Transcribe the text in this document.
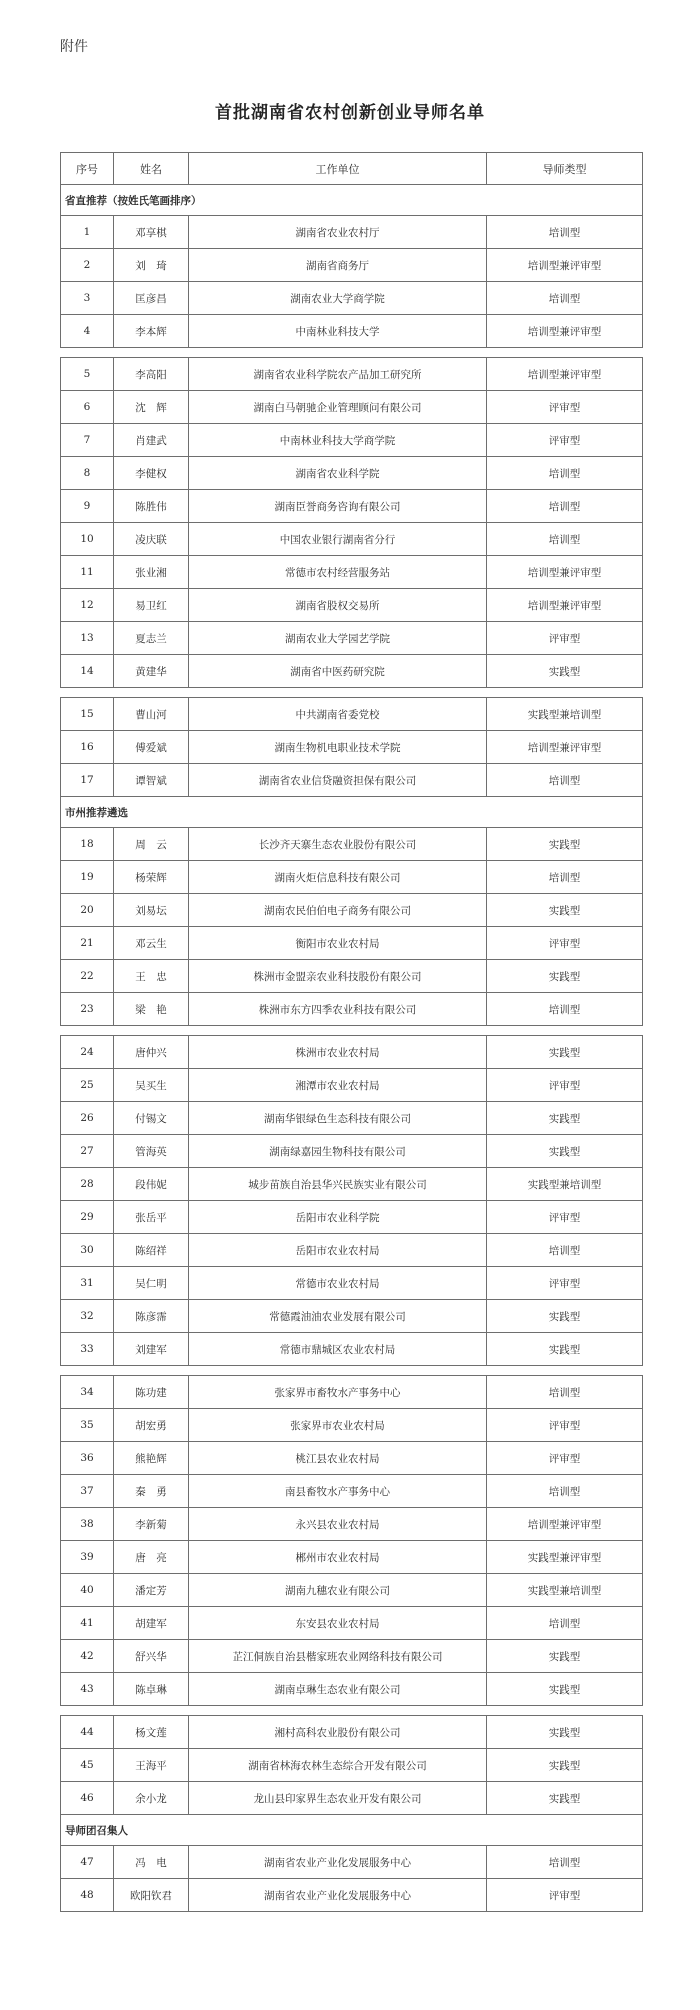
附件
首批湖南省农村创新创业导师名单
序号	姓名	工作单位	导师类型
省直推荐（按姓氏笔画排序）			
1	邓享棋	湖南省农业农村厅	培训型
2	刘　琦	湖南省商务厅	培训型兼评审型
3	匡彦昌	湖南农业大学商学院	培训型
4	李本辉	中南林业科技大学	培训型兼评审型

5	李高阳	湖南省农业科学院农产品加工研究所	培训型兼评审型
6	沈　辉	湖南白马朝驰企业管理顾问有限公司	评审型
7	肖建武	中南林业科技大学商学院	评审型
8	李健权	湖南省农业科学院	培训型
9	陈胜伟	湖南臣誉商务咨询有限公司	培训型
10	凌庆联	中国农业银行湖南省分行	培训型
11	张业湘	常德市农村经营服务站	培训型兼评审型
12	易卫红	湖南省股权交易所	培训型兼评审型
13	夏志兰	湖南农业大学园艺学院	评审型
14	黄建华	湖南省中医药研究院	实践型

15	曹山河	中共湖南省委党校	实践型兼培训型
16	傅爱斌	湖南生物机电职业技术学院	培训型兼评审型
17	谭智斌	湖南省农业信贷融资担保有限公司	培训型
市州推荐遴选			
18	周　云	长沙齐天寨生态农业股份有限公司	实践型
19	杨荣辉	湖南火炬信息科技有限公司	培训型
20	刘易坛	湖南农民伯伯电子商务有限公司	实践型
21	邓云生	衡阳市农业农村局	评审型
22	王　忠	株洲市金盟亲农业科技股份有限公司	实践型
23	梁　艳	株洲市东方四季农业科技有限公司	培训型

24	唐仲兴	株洲市农业农村局	实践型
25	吴买生	湘潭市农业农村局	评审型
26	付锡文	湖南华银绿色生态科技有限公司	实践型
27	管海英	湖南绿嘉园生物科技有限公司	实践型
28	段伟妮	城步苗族自治县华兴民族实业有限公司	实践型兼培训型
29	张岳平	岳阳市农业科学院	评审型
30	陈绍祥	岳阳市农业农村局	培训型
31	吴仁明	常德市农业农村局	评审型
32	陈彦霈	常德霞油油农业发展有限公司	实践型
33	刘建军	常德市鼎城区农业农村局	实践型

34	陈功建	张家界市畜牧水产事务中心	培训型
35	胡宏勇	张家界市农业农村局	评审型
36	熊艳辉	桃江县农业农村局	评审型
37	秦　勇	南县畜牧水产事务中心	培训型
38	李新菊	永兴县农业农村局	培训型兼评审型
39	唐　亮	郴州市农业农村局	实践型兼评审型
40	潘定芳	湖南九穗农业有限公司	实践型兼培训型
41	胡建军	东安县农业农村局	培训型
42	舒兴华	芷江侗族自治县楷家班农业网络科技有限公司	实践型
43	陈卓琳	湖南卓琳生态农业有限公司	实践型

44	杨文莲	湘村高科农业股份有限公司	实践型
45	王海平	湖南省林海农林生态综合开发有限公司	实践型
46	余小龙	龙山县印家界生态农业开发有限公司	实践型
导师团召集人			
47	冯　电	湖南省农业产业化发展服务中心	培训型
48	欧阳钦君	湖南省农业产业化发展服务中心	评审型
